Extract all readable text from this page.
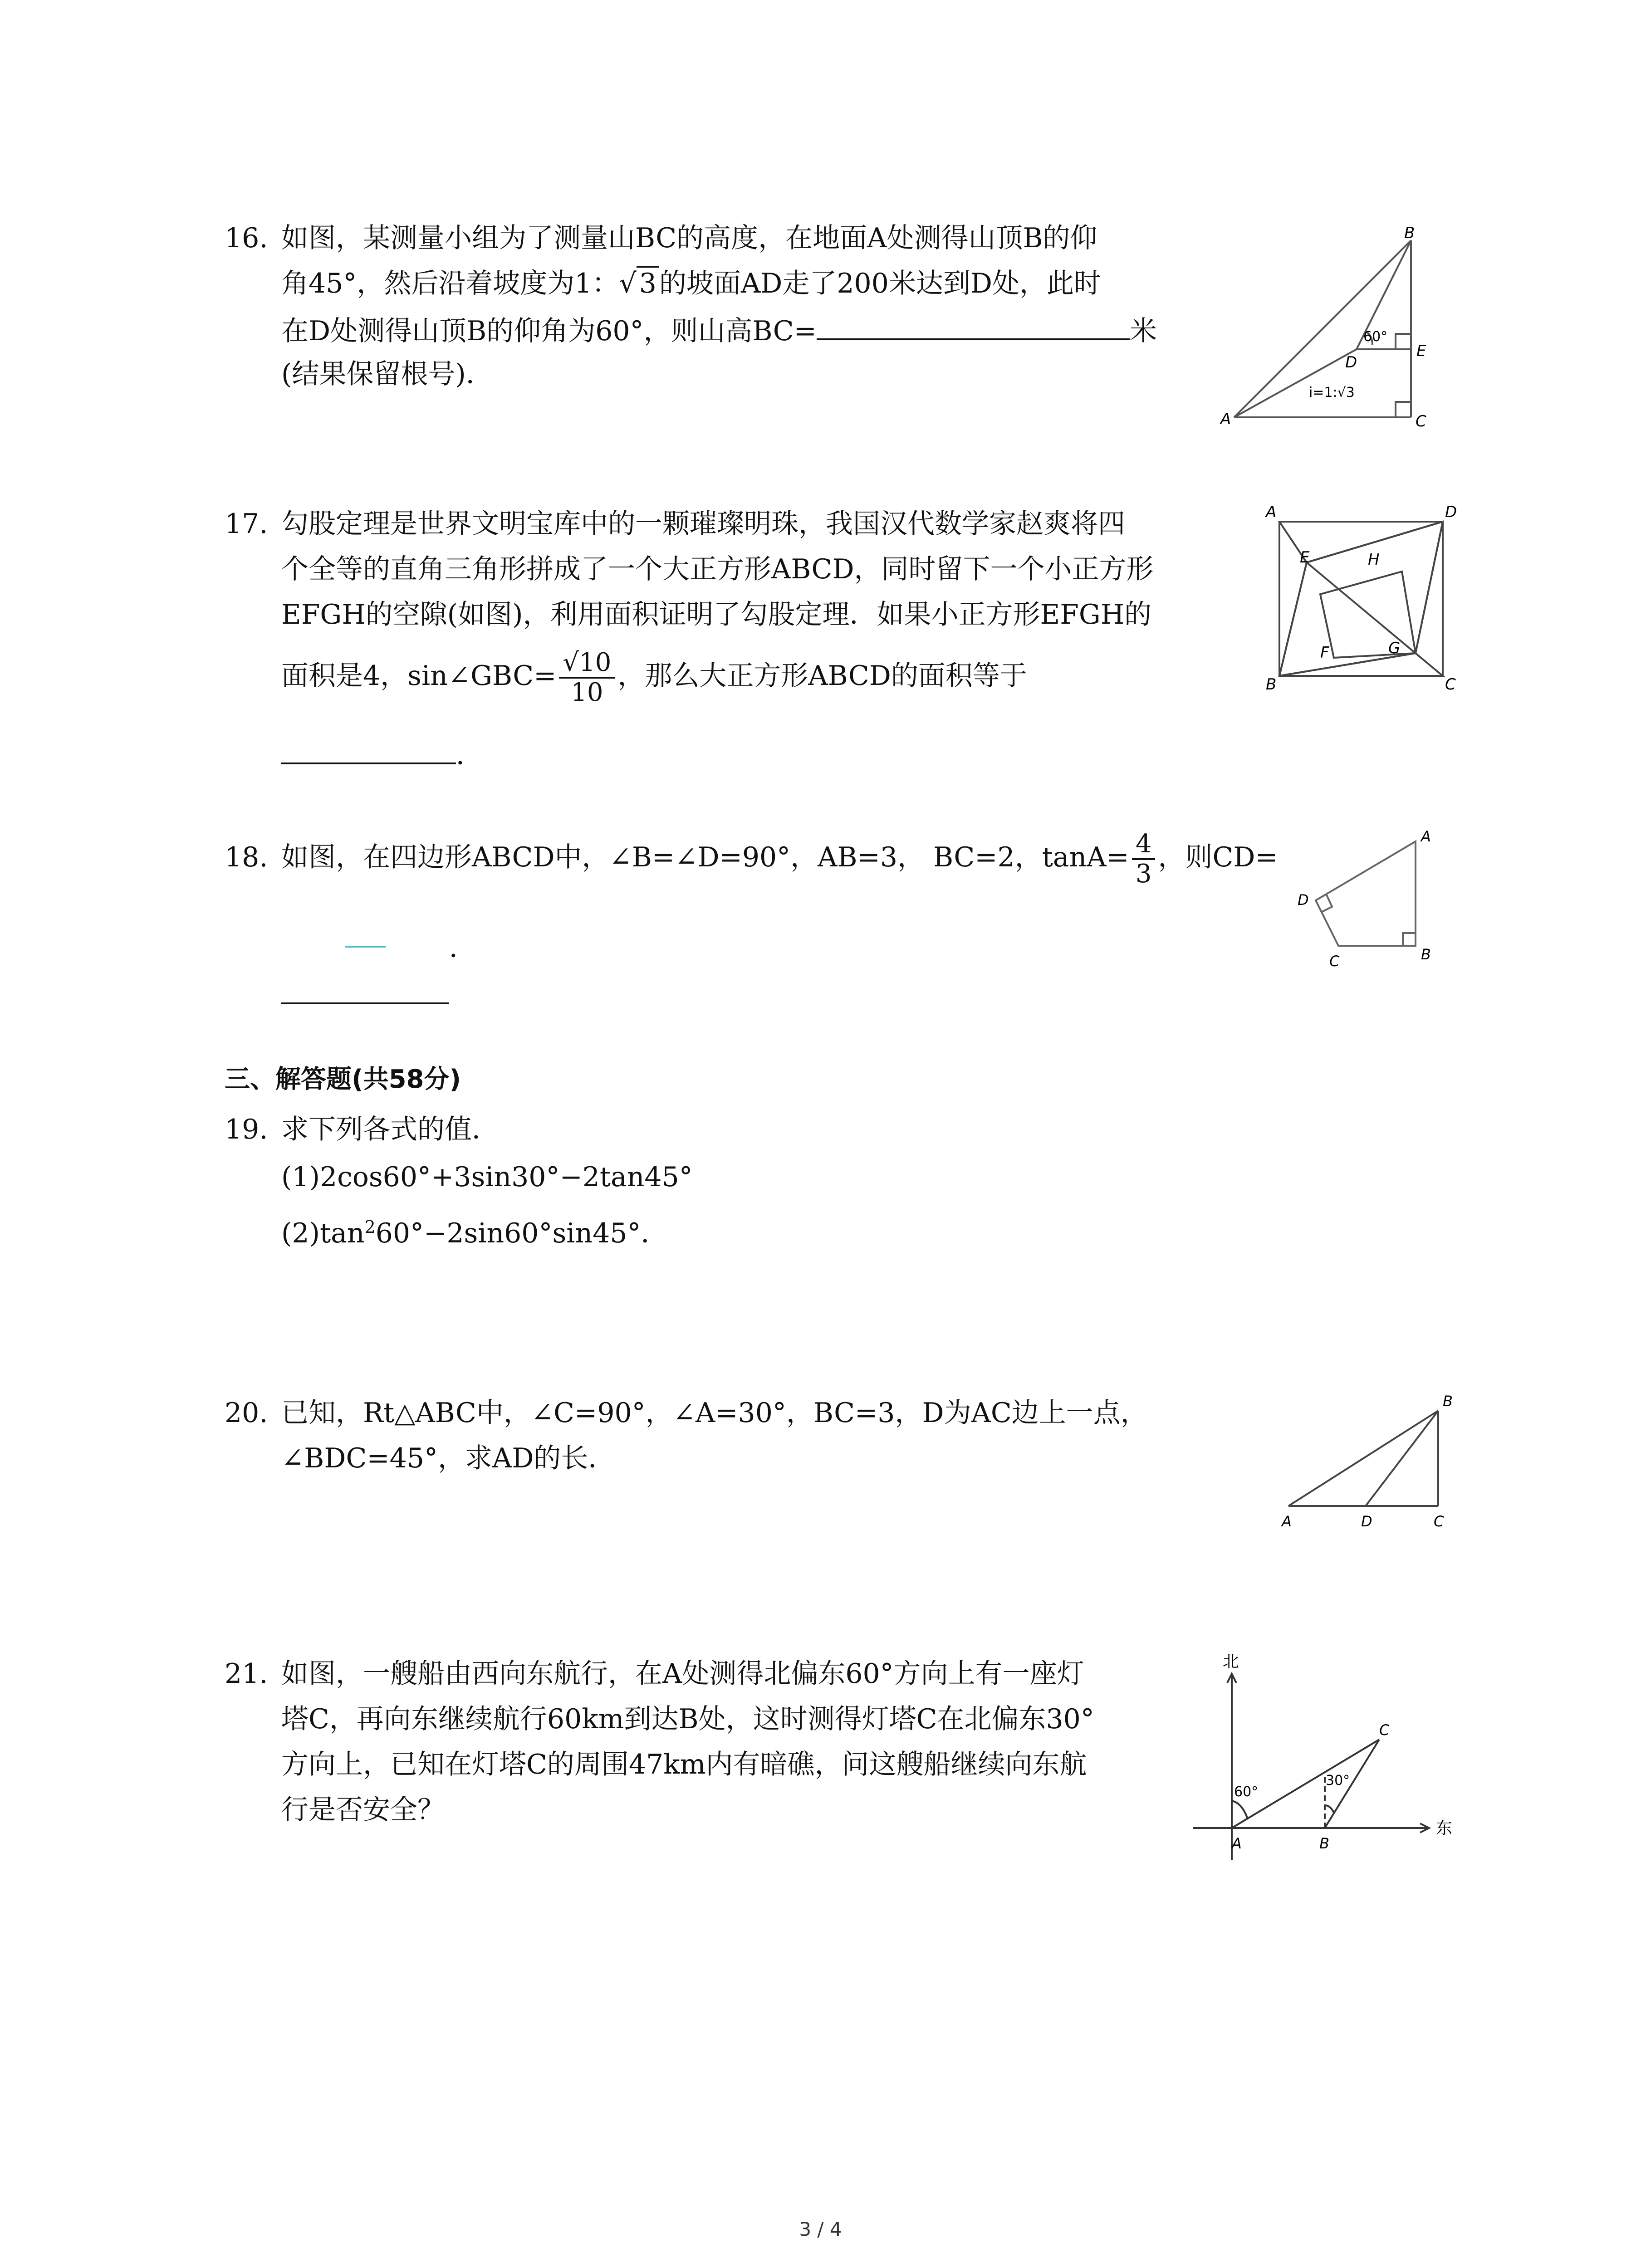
16. 如图，某测量小组为了测量山BC的高度，在地面A处测得山顶B的仰
角45°，然后沿着坡度为1：√ 3 的坡面AD走了200米达到D处，此时
在D处测得山顶B的仰角为60°，则山高BC=	米
(结果保留根号)．
B
A	C
D
E
60°
i=1:√3
17. 勾股定理是世界文明宝库中的一颗璀璨明珠，我国汉代数学家赵爽将四
个全等的直角三角形拼成了一个大正方形ABCD，同时留下一个小正方形
EFGH的空隙(如图)，利用面积证明了勾股定理．如果小正方形EFGH的
面积是4，sin∠GBC= $\frac{√10}{10}$ ，那么大正方形ABCD的面积等于
．
A	D
B	C
E	H
F	G
18. 如图，在四边形ABCD中，∠B=∠D=90°，AB=3， BC=2，$\tan A= \frac{4}{3}$ ，则CD=
．
A
B
C
D
三、解答题(共58分)
19. 求下列各式的值．
(1)2cos60°+3sin30°−2tan45°
$(2)\tan^260^\circ-2\sin 60^\circ\sin 45^\circ$．
20. 已知，Rt△ABC中，∠C=90°，∠A=30°，BC=3，D为AC边上一点，
∠BDC=45°，求AD的长．
B
A	D	C
21. 如图，一艘船由西向东航行，在A处测得北偏东60°方向上有一座灯
塔C，再向东继续航行60km到达B处，这时测得灯塔C在北偏东30°
方向上，已知在灯塔C的周围47km内有暗礁，问这艘船继续向东航
行是否安全？
北
东
A	B
C
60°
30°
3 / 4
